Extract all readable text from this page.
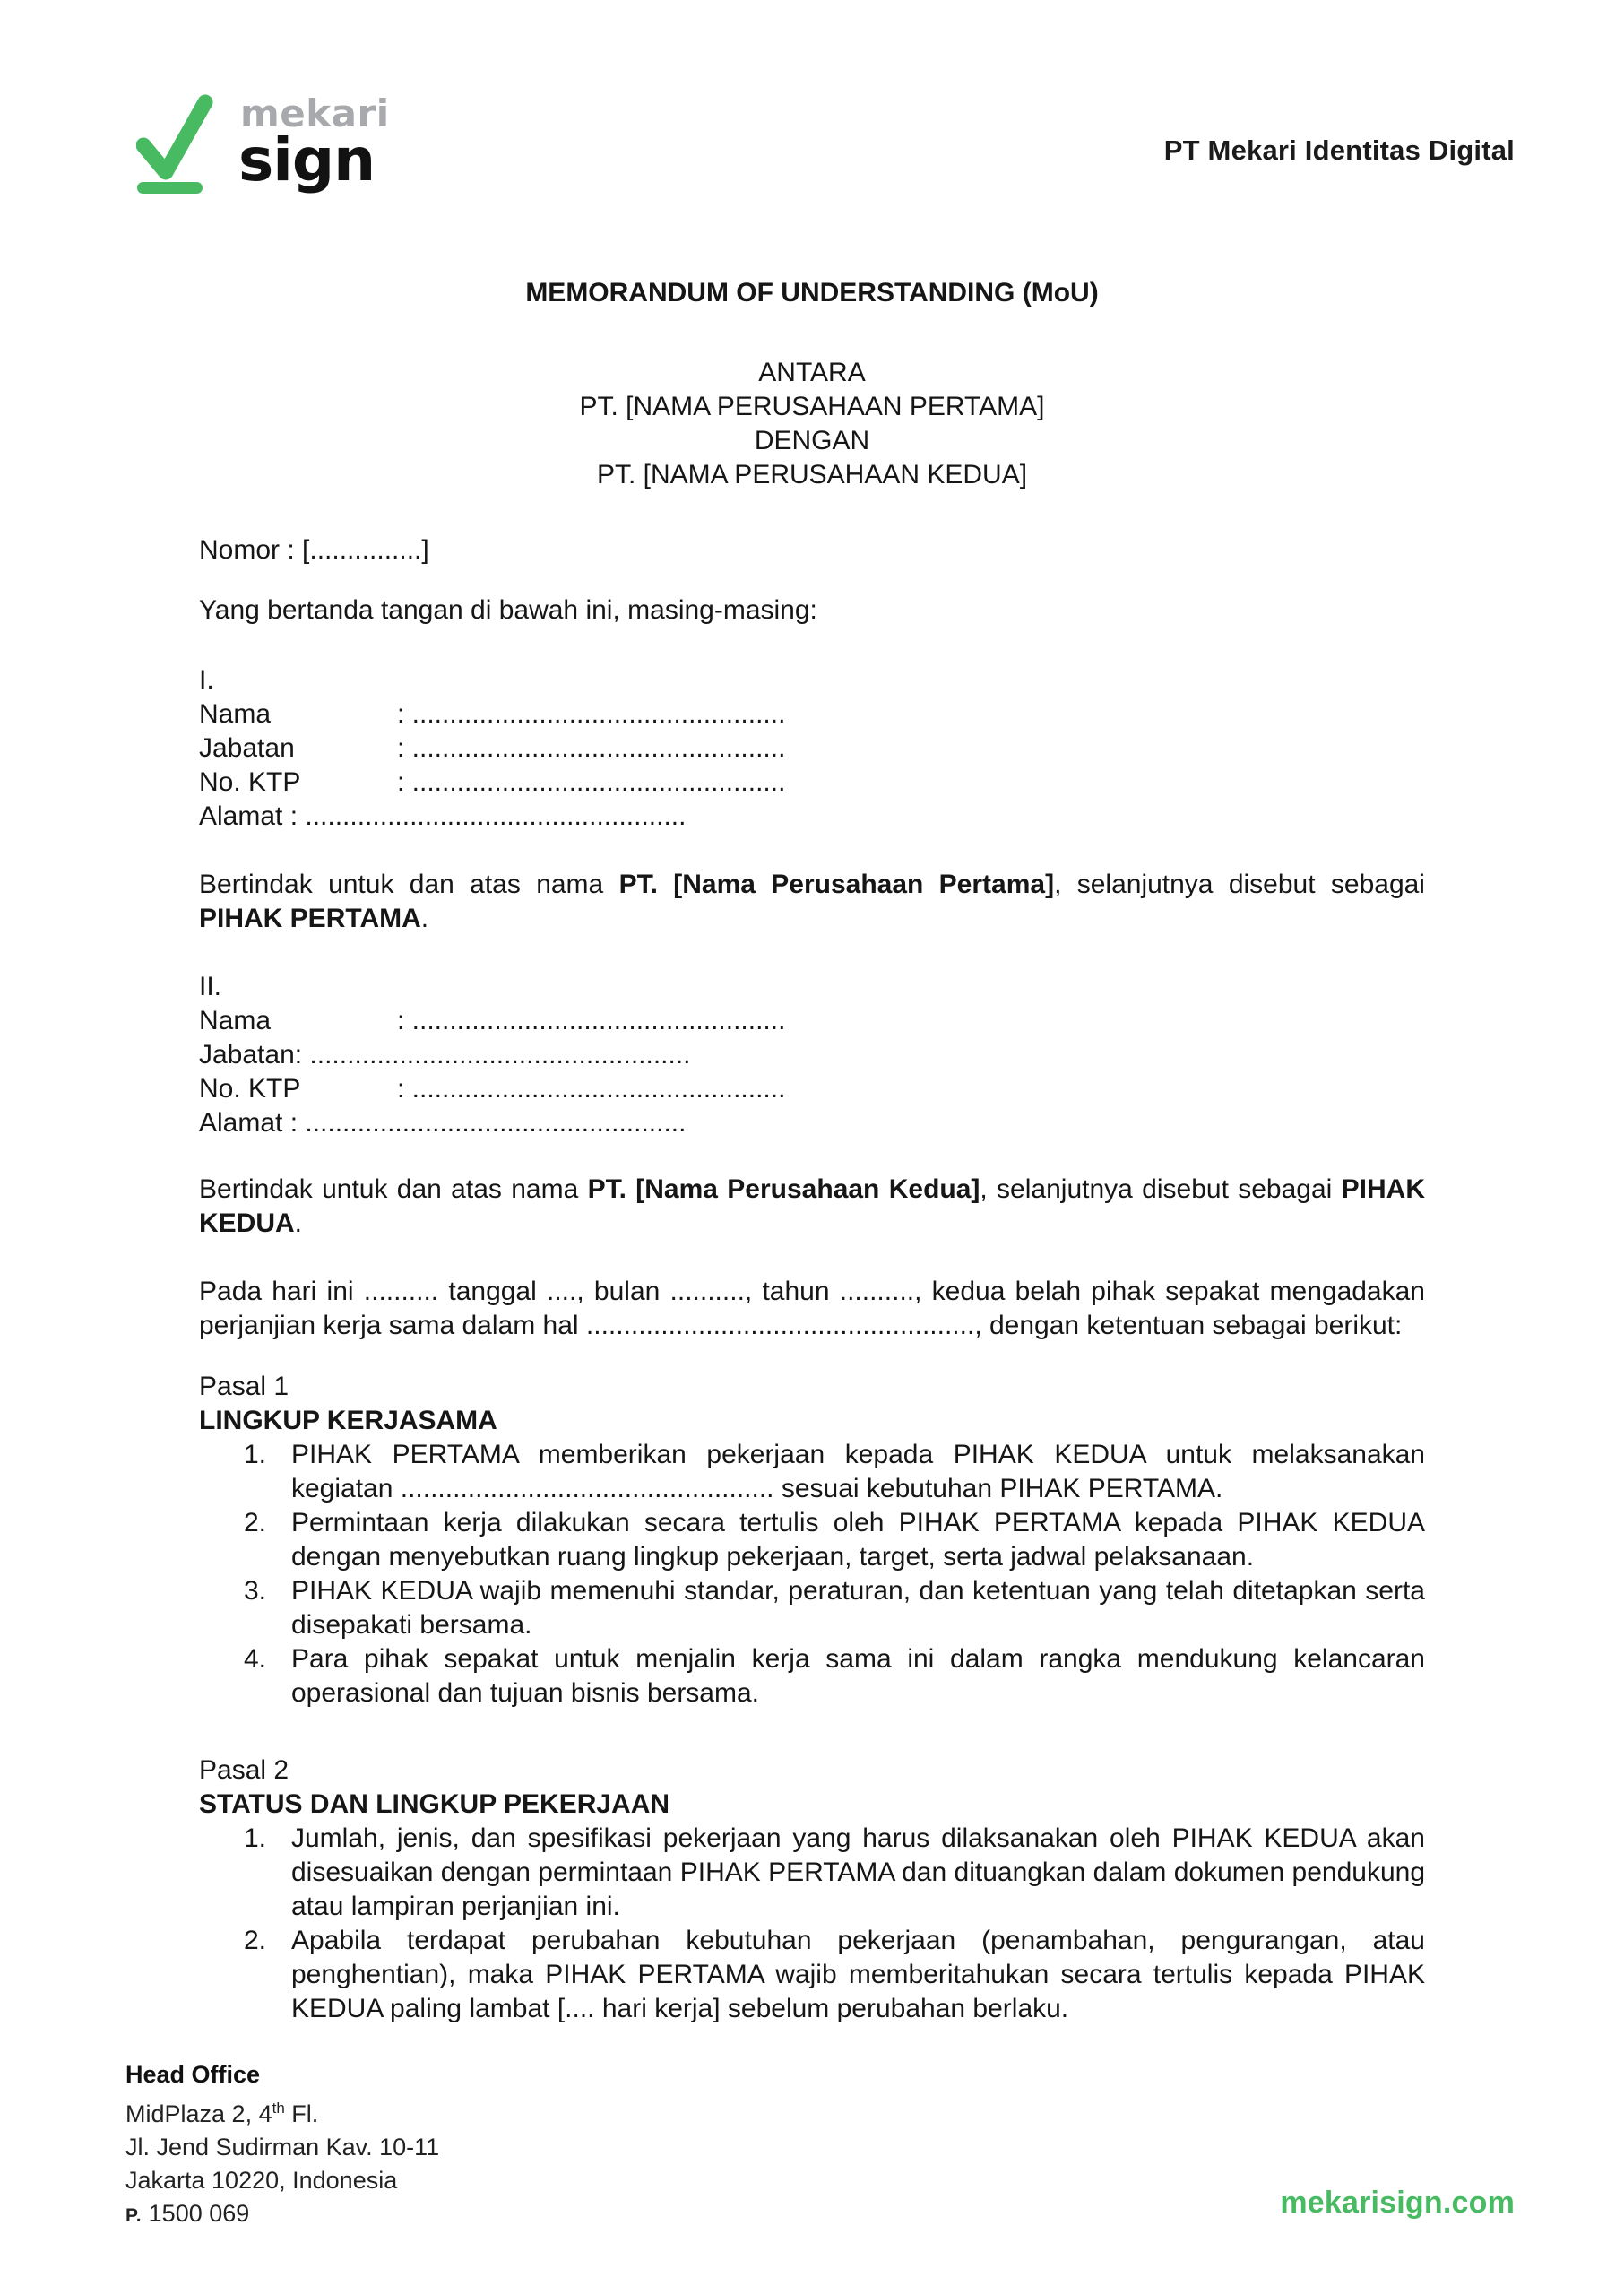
mekari
sign	PT Mekari Identitas Digital
MEMORANDUM OF UNDERSTANDING (MoU)
ANTARA
PT. [NAMA PERUSAHAAN PERTAMA]
DENGAN
PT. [NAMA PERUSAHAAN KEDUA]
Nomor : [...............]
Yang bertanda tangan di bawah ini, masing-masing:
I.
Nama	: ..................................................
Jabatan	: ..................................................
No. KTP	: ..................................................
Alamat : ...................................................
Bertindak untuk dan atas nama PT. [Nama Perusahaan Pertama], selanjutnya disebut sebagai PIHAK PERTAMA.
II.
Nama	: ..................................................
Jabatan: ...................................................
No. KTP	: ..................................................
Alamat : ...................................................
Bertindak untuk dan atas nama PT. [Nama Perusahaan Kedua], selanjutnya disebut sebagai PIHAK KEDUA.
Pada hari ini .......... tanggal ...., bulan .........., tahun .........., kedua belah pihak sepakat mengadakan perjanjian kerja sama dalam hal ...................................................., dengan ketentuan sebagai berikut:
Pasal 1
LINGKUP KERJASAMA
1. PIHAK PERTAMA memberikan pekerjaan kepada PIHAK KEDUA untuk melaksanakan kegiatan .................................................. sesuai kebutuhan PIHAK PERTAMA.
2. Permintaan kerja dilakukan secara tertulis oleh PIHAK PERTAMA kepada PIHAK KEDUA dengan menyebutkan ruang lingkup pekerjaan, target, serta jadwal pelaksanaan.
3. PIHAK KEDUA wajib memenuhi standar, peraturan, dan ketentuan yang telah ditetapkan serta disepakati bersama.
4. Para pihak sepakat untuk menjalin kerja sama ini dalam rangka mendukung kelancaran operasional dan tujuan bisnis bersama.
Pasal 2
STATUS DAN LINGKUP PEKERJAAN
1. Jumlah, jenis, dan spesifikasi pekerjaan yang harus dilaksanakan oleh PIHAK KEDUA akan disesuaikan dengan permintaan PIHAK PERTAMA dan dituangkan dalam dokumen pendukung atau lampiran perjanjian ini.
2. Apabila terdapat perubahan kebutuhan pekerjaan (penambahan, pengurangan, atau penghentian), maka PIHAK PERTAMA wajib memberitahukan secara tertulis kepada PIHAK KEDUA paling lambat [.... hari kerja] sebelum perubahan berlaku.
Head Office
MidPlaza 2, 4th Fl.
Jl. Jend Sudirman Kav. 10-11
Jakarta 10220, Indonesia
P. 1500 069	mekarisign.com
